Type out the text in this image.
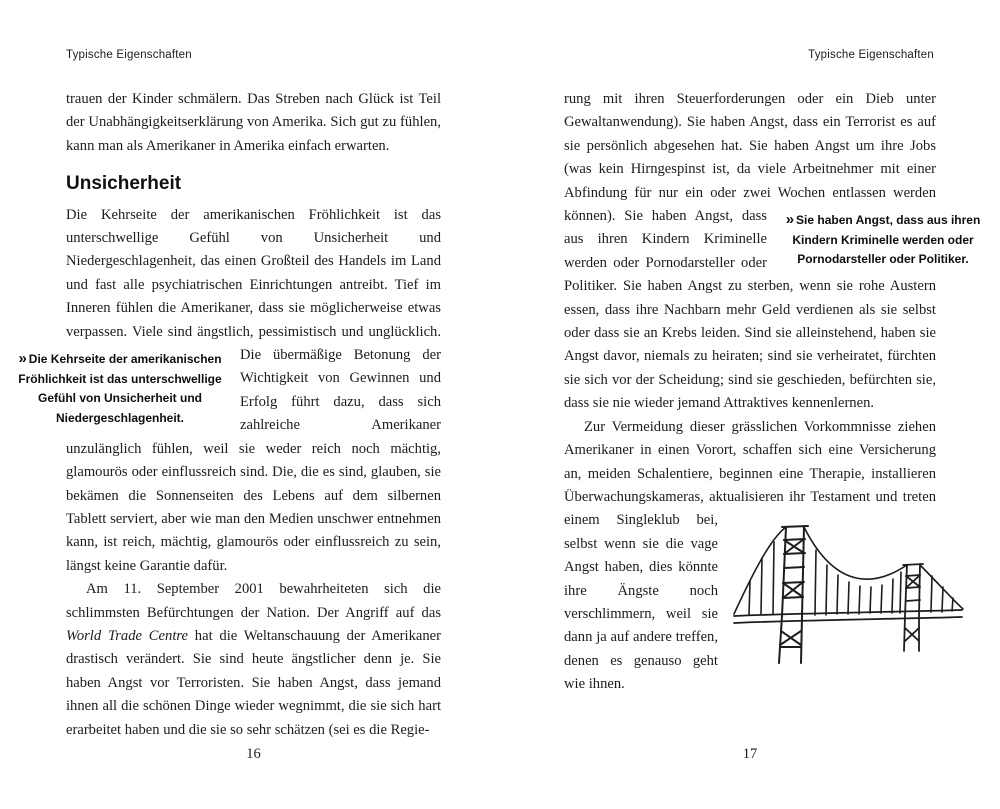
Typische Eigenschaften

trauen der Kinder schmälern. Das Streben nach Glück ist Teil der Unabhängigkeitserklärung von Amerika. Sich gut zu fühlen, kann man als Amerikaner in Amerika einfach erwarten.

Unsicherheit

Die Kehrseite der amerikanischen Fröhlichkeit ist das unterschwellige Gefühl von Unsicherheit und Niedergeschlagenheit, das einen Großteil des Handels im Land und fast alle psychiatrischen Einrichtungen antreibt. Tief im Inneren fühlen die Amerikaner, dass sie möglicherweise etwas verpassen. Viele sind ängstlich, pessimistisch und unglücklich.
» Die Kehrseite der amerikanischen Fröhlichkeit ist das unterschwellige Gefühl von Unsicherheit und Niedergeschlagenheit.
Die übermäßige Betonung der Wichtigkeit von Gewinnen und Erfolg führt dazu, dass sich zahlreiche Amerikaner unzulänglich fühlen, weil sie weder reich noch mächtig, glamourös oder einflussreich sind. Die, die es sind, glauben, sie bekämen die Sonnenseiten des Lebens auf dem silbernen Tablett serviert, aber wie man den Medien unschwer entnehmen kann, ist reich, mächtig, glamourös oder einflussreich zu sein, längst keine Garantie dafür.

Am 11. September 2001 bewahrheiteten sich die schlimmsten Befürchtungen der Nation. Der Angriff auf das World Trade Centre hat die Weltanschauung der Amerikaner drastisch verändert. Sie sind heute ängstlicher denn je. Sie haben Angst vor Terroristen. Sie haben Angst, dass jemand ihnen all die schönen Dinge wieder wegnimmt, die sie sich hart erarbeitet haben und die sie so sehr schätzen (sei es die Regie-

16
Typische Eigenschaften

rung mit ihren Steuerforderungen oder ein Dieb unter Gewaltanwendung). Sie haben Angst, dass ein Terrorist es auf sie persönlich abgesehen hat. Sie haben Angst um ihre Jobs (was kein Hirngespinst ist, da viele Arbeitnehmer mit einer Abfindung für nur ein oder zwei Wochen entlassen werden können).	» Sie haben Angst, dass aus ihren Kindern Kriminelle werden oder Pornodarsteller oder Politiker.
Sie haben Angst, dass aus ihren Kindern Kriminelle werden oder Pornodarsteller oder Politiker. Sie haben Angst zu sterben, wenn sie rohe Austern essen, dass ihre Nachbarn mehr Geld verdienen als sie selbst oder dass sie an Krebs leiden. Sind sie alleinstehend, haben sie Angst davor, niemals zu heiraten; sind sie verheiratet, fürchten sie sich vor der Scheidung; sind sie geschieden, befürchten sie, dass sie nie wieder jemand Attraktives kennenlernen.

Zur Vermeidung dieser grässlichen Vorkommnisse ziehen Amerikaner in einen Vorort, schaffen sich eine Versicherung an, meiden Schalentiere, beginnen eine Therapie, installieren Überwachungskameras, aktualisieren ihr Testament und treten einem Singleklub bei,
selbst wenn sie die vage Angst haben, dies könnte ihre Ängste noch verschlimmern, weil sie dann ja auf andere treffen, denen es genauso geht wie ihnen.

17
